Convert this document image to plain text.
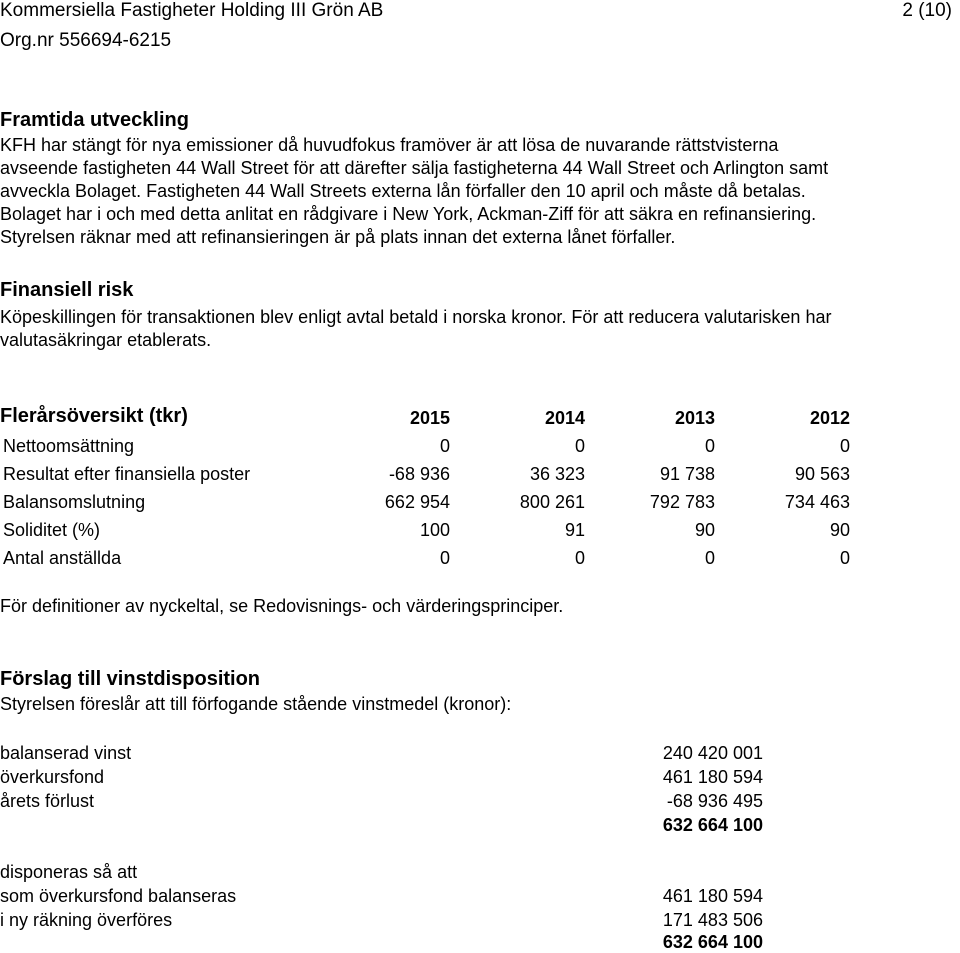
Kommersiella Fastigheter Holding III Grön AB
Org.nr 556694-6215
2 (10)
Framtida utveckling
KFH har stängt för nya emissioner då huvudfokus framöver är att lösa de nuvarande rättstvisterna
avseende fastigheten 44 Wall Street för att därefter sälja fastigheterna 44 Wall Street och Arlington samt
avveckla Bolaget. Fastigheten 44 Wall Streets externa lån förfaller den 10 april och måste då betalas.
Bolaget har i och med detta anlitat en rådgivare i New York, Ackman-Ziff för att säkra en refinansiering.
Styrelsen räknar med att refinansieringen är på plats innan det externa lånet förfaller.
Finansiell risk
Köpeskillingen för transaktionen blev enligt avtal betald i norska kronor. För att reducera valutarisken har
valutasäkringar etablerats.
Flerårsöversikt (tkr)	2015	2014	2013	2012
Nettoomsättning	0	0	0	0
Resultat efter finansiella poster	-68 936	36 323	91 738	90 563
Balansomslutning	662 954	800 261	792 783	734 463
Soliditet (%)	100	91	90	90
Antal anställda	0	0	0	0
För definitioner av nyckeltal, se Redovisnings- och värderingsprinciper.
Förslag till vinstdisposition
Styrelsen föreslår att till förfogande stående vinstmedel (kronor):
balanserad vinst	240 420 001
överkursfond	461 180 594
årets förlust	-68 936 495
632 664 100
disponeras så att
som överkursfond balanseras	461 180 594
i ny räkning överföres	171 483 506
632 664 100
